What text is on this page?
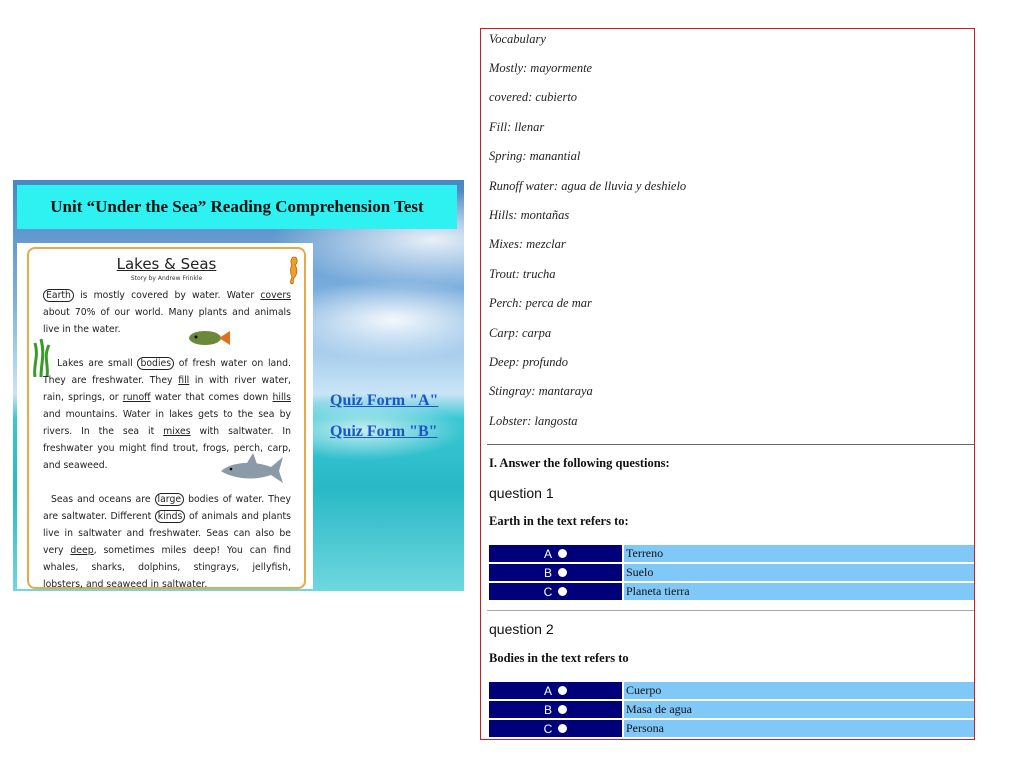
Unit “Under the Sea” Reading Comprehension Test
Lakes & Seas
Story by Andrew Frinkle
Earth is mostly covered by water. Water covers about 70% of our world. Many plants and animals live in the water.
Lakes are small bodies of fresh water on land. They are freshwater. They fill in with river water, rain, springs, or runoff water that comes down hills and mountains. Water in lakes gets to the sea by rivers. In the sea it mixes with saltwater. In freshwater you might find trout, frogs, perch, carp, and seaweed.
Seas and oceans are large bodies of water. They are saltwater. Different kinds of animals and plants live in saltwater and freshwater. Seas can also be very deep, sometimes miles deep! You can find whales, sharks, dolphins, stingrays, jellyfish, lobsters, and seaweed in saltwater.
Quiz Form "A"
Quiz Form "B"
Vocabulary
Mostly: mayormente
covered: cubierto
Fill: llenar
Spring: manantial
Runoff water: agua de lluvia y deshielo
Hills: montañas
Mixes: mezclar
Trout: trucha
Perch: perca de mar
Carp: carpa
Deep: profundo
Stingray: mantaraya
Lobster: langosta
I. Answer the following questions:
question 1
Earth in the text refers to:
A	Terreno
B	Suelo
C	Planeta tierra
question 2
Bodies in the text refers to
A	Cuerpo
B	Masa de agua
C	Persona
